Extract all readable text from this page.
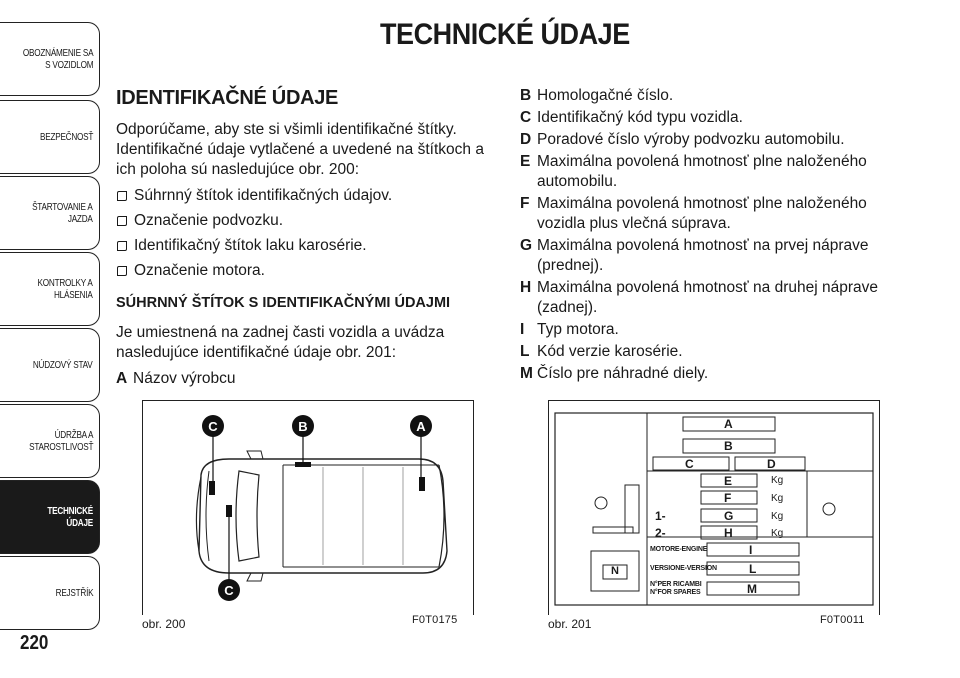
OBOZNÁMENIE SA
S VOZIDLOM
BEZPEČNOSŤ
ŠTARTOVANIE A
JAZDA
KONTROLKY A
HLÁSENIA
NÚDZOVÝ STAV
ÚDRŽBA A
STAROSTLIVOSŤ
TECHNICKÉ ÚDAJE
REJSTŘÍK
220
TECHNICKÉ ÚDAJE
IDENTIFIKAČNÉ ÚDAJE
Odporúčame, aby ste si všimli identifikačné štítky. Identifikačné údaje vytlačené a uvedené na štítkoch a ich poloha sú nasledujúce obr. 200:
Súhrnný štítok identifikačných údajov.
Označenie podvozku.
Identifikačný štítok laku karosérie.
Označenie motora.
SÚHRNNÝ ŠTÍTOK S IDENTIFIKAČNÝMI ÚDAJMI
Je umiestnená na zadnej časti vozidla a uvádza nasledujúce identifikačné údaje obr. 201:
A Názov výrobcu
B Homologačné číslo.
C Identifikačný kód typu vozidla.
D Poradové číslo výroby podvozku automobilu.
E Maximálna povolená hmotnosť plne naloženého automobilu.
F Maximálna povolená hmotnosť plne naloženého vozidla plus vlečná súprava.
G Maximálna povolená hmotnosť na prvej náprave (prednej).
H Maximálna povolená hmotnosť na druhej náprave (zadnej).
I Typ motora.
L Kód verzie karosérie.
M Číslo pre náhradné diely.
C	B	A
C
obr. 200	F0T0175
A
B
C	D
E
F
G
H
I
L
M
N
Kg
Kg
Kg
Kg
1-
2-
MOTORE-ENGINE
VERSIONE-VERSION
N°PER RICAMBI
N°FOR SPARES
obr. 201	F0T0011
